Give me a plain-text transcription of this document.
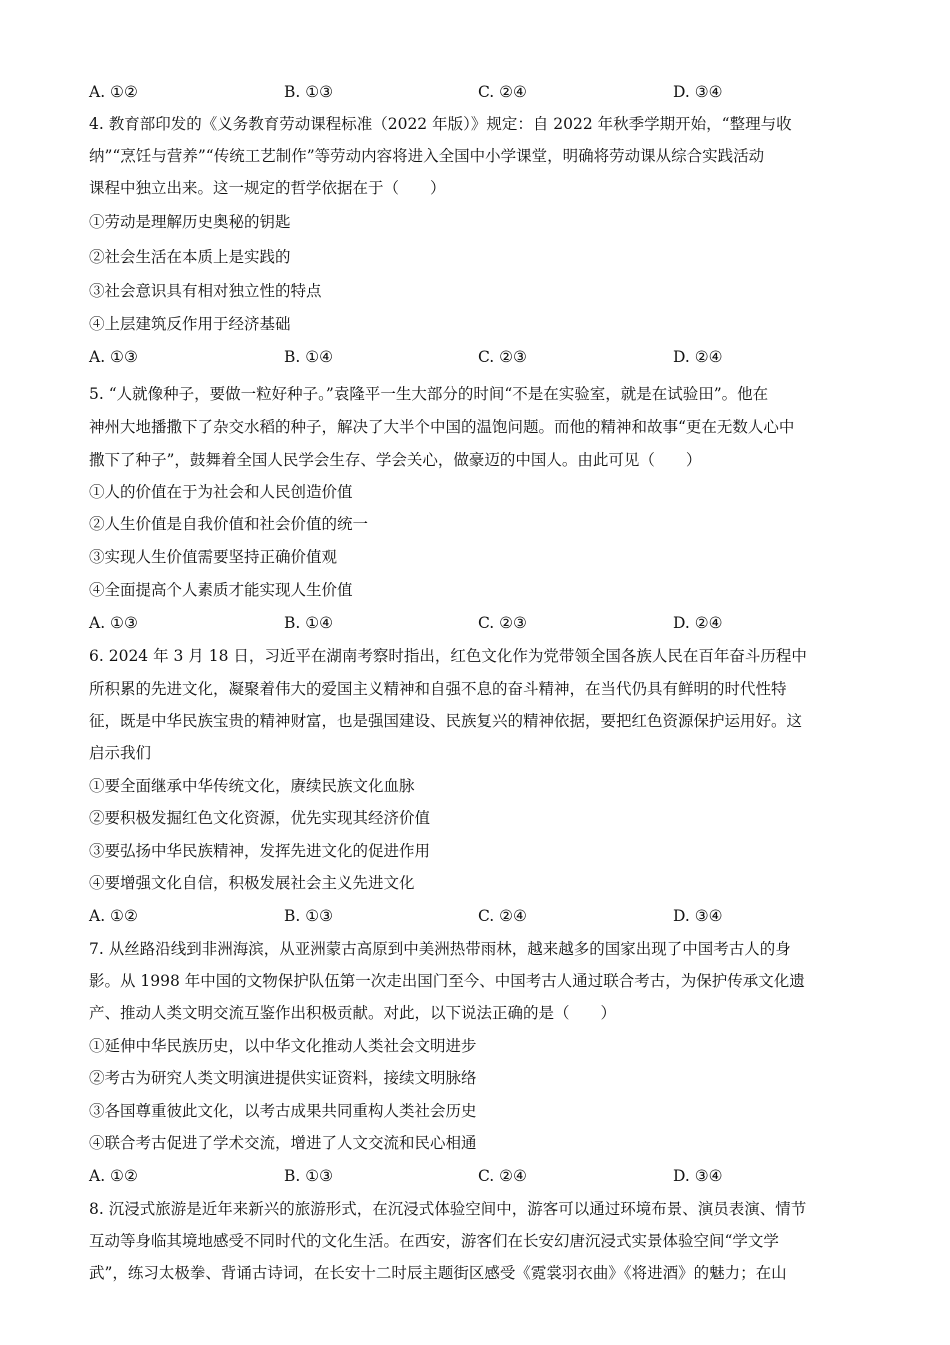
A. ①②	B. ①③	C. ②④	D. ③④
4. 教育部印发的《义务教育劳动课程标准（2022 年版）》规定：自 2022 年秋季学期开始，“整理与收
纳”“烹饪与营养”“传统工艺制作”等劳动内容将进入全国中小学课堂，明确将劳动课从综合实践活动
课程中独立出来。这一规定的哲学依据在于（　　）
①劳动是理解历史奥秘的钥匙
②社会生活在本质上是实践的
③社会意识具有相对独立性的特点
④上层建筑反作用于经济基础
A. ①③	B. ①④	C. ②③	D. ②④
5. “人就像种子，要做一粒好种子。”袁隆平一生大部分的时间“不是在实验室，就是在试验田”。他在
神州大地播撒下了杂交水稻的种子，解决了大半个中国的温饱问题。而他的精神和故事“更在无数人心中
撒下了种子”，鼓舞着全国人民学会生存、学会关心，做豪迈的中国人。由此可见（　　）
①人的价值在于为社会和人民创造价值
②人生价值是自我价值和社会价值的统一
③实现人生价值需要坚持正确价值观
④全面提高个人素质才能实现人生价值
A. ①③	B. ①④	C. ②③	D. ②④
6. 2024 年 3 月 18 日，习近平在湖南考察时指出，红色文化作为党带领全国各族人民在百年奋斗历程中
所积累的先进文化，凝聚着伟大的爱国主义精神和自强不息的奋斗精神，在当代仍具有鲜明的时代性特
征，既是中华民族宝贵的精神财富，也是强国建设、民族复兴的精神依据，要把红色资源保护运用好。这
启示我们
①要全面继承中华传统文化，赓续民族文化血脉
②要积极发掘红色文化资源，优先实现其经济价值
③要弘扬中华民族精神，发挥先进文化的促进作用
④要增强文化自信，积极发展社会主义先进文化
A. ①②	B. ①③	C. ②④	D. ③④
7. 从丝路沿线到非洲海滨，从亚洲蒙古高原到中美洲热带雨林，越来越多的国家出现了中国考古人的身
影。从 1998 年中国的文物保护队伍第一次走出国门至今、中国考古人通过联合考古，为保护传承文化遗
产、推动人类文明交流互鉴作出积极贡献。对此，以下说法正确的是（　　）
①延伸中华民族历史，以中华文化推动人类社会文明进步
②考古为研究人类文明演进提供实证资料，接续文明脉络
③各国尊重彼此文化，以考古成果共同重构人类社会历史
④联合考古促进了学术交流，增进了人文交流和民心相通
A. ①②	B. ①③	C. ②④	D. ③④
8. 沉浸式旅游是近年来新兴的旅游形式，在沉浸式体验空间中，游客可以通过环境布景、演员表演、情节
互动等身临其境地感受不同时代的文化生活。在西安，游客们在长安幻唐沉浸式实景体验空间“学文学
武”，练习太极拳、背诵古诗词，在长安十二时辰主题街区感受《霓裳羽衣曲》《将进酒》的魅力；在山
